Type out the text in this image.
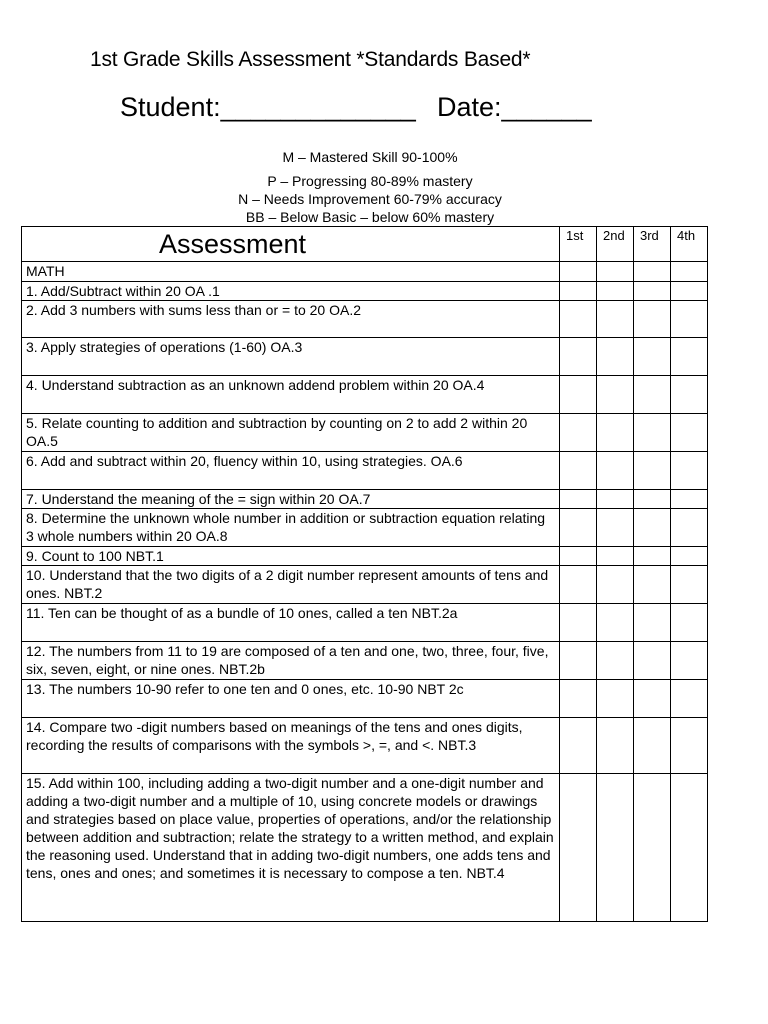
1st Grade Skills Assessment *Standards Based*
Student:_____________ Date:______
M – Mastered Skill 90-100%
P – Progressing 80-89% mastery
N – Needs Improvement 60-79% accuracy
BB – Below Basic – below 60% mastery
Assessment	1st	2nd	3rd	4th
MATH				
1. Add/Subtract within 20 OA .1				
2. Add 3 numbers with sums less than or = to 20 OA.2				
3. Apply strategies of operations (1-60) OA.3				
4. Understand subtraction as an unknown addend problem within 20 OA.4				
5. Relate counting to addition and subtraction by counting on 2 to add 2 within 20 OA.5				
6. Add and subtract within 20, fluency within 10, using strategies. OA.6				
7. Understand the meaning of the = sign within 20 OA.7				
8. Determine the unknown whole number in addition or subtraction equation relating 3 whole numbers within 20 OA.8				
9. Count to 100 NBT.1				
10. Understand that the two digits of a 2 digit number represent amounts of tens and ones. NBT.2				
11. Ten can be thought of as a bundle of 10 ones, called a ten NBT.2a				
12. The numbers from 11 to 19 are composed of a ten and one, two, three, four, five, six, seven, eight, or nine ones. NBT.2b				
13. The numbers 10-90 refer to one ten and 0 ones, etc. 10-90 NBT 2c				
14. Compare two -digit numbers based on meanings of the tens and ones digits, recording the results of comparisons with the symbols >, =, and <. NBT.3				
15. Add within 100, including adding a two-digit number and a one-digit number and adding a two-digit number and a multiple of 10, using concrete models or drawings and strategies based on place value, properties of operations, and/or the relationship between addition and subtraction; relate the strategy to a written method, and explain the reasoning used. Understand that in adding two-digit numbers, one adds tens and tens, ones and ones; and sometimes it is necessary to compose a ten. NBT.4				
